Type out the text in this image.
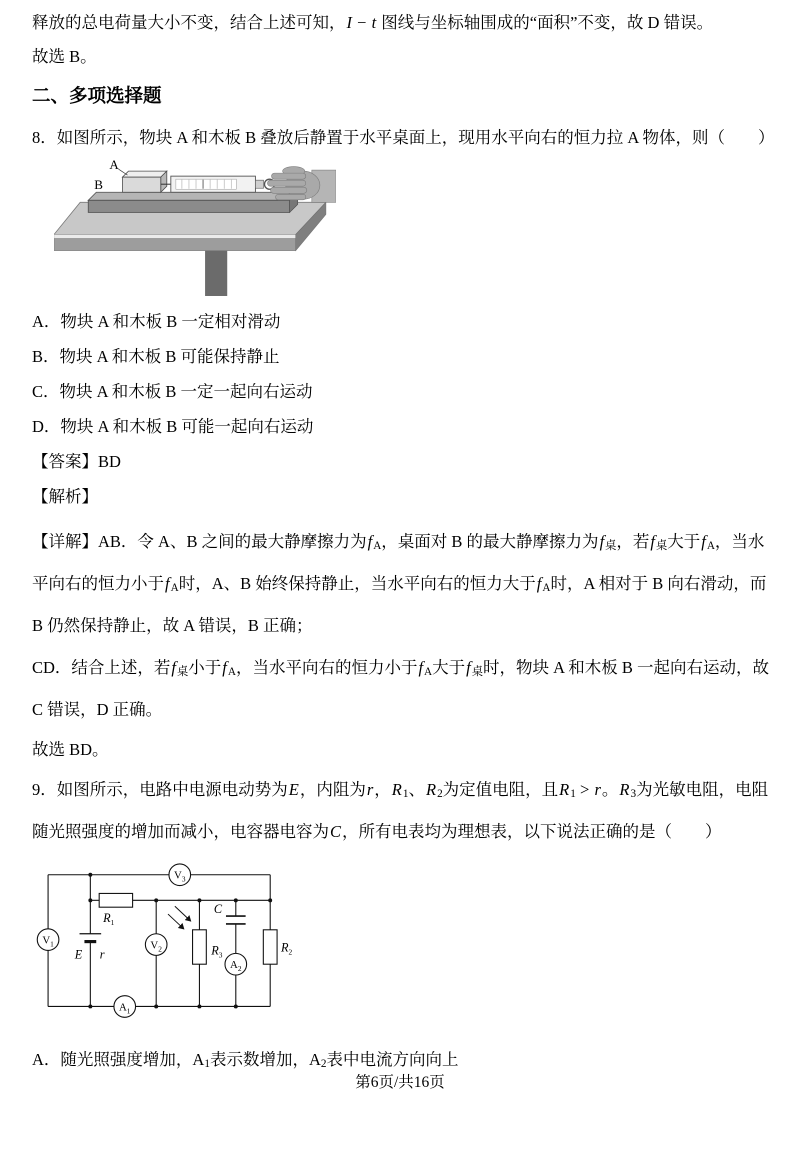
释放的总电荷量大小不变，结合上述可知，I − t 图线与坐标轴围成的“面积”不变，故 D 错误。

故选 B。

二、多项选择题

8．如图所示，物块 A 和木板 B 叠放后静置于水平桌面上，现用水平向右的恒力拉 A 物体，则（　　）

A
B

A．物块 A 和木板 B 一定相对滑动

B．物块 A 和木板 B 可能保持静止

C．物块 A 和木板 B 一定一起向右运动

D．物块 A 和木板 B 可能一起向右运动

【答案】BD

【解析】

【详解】AB．令 A、B 之间的最大静摩擦力为$f_A$，桌面对 B 的最大静摩擦力为$f_桌$，若$f_桌$大于$f_A$，当水平向右的恒力小于$f_A$时，A、B 始终保持静止，当水平向右的恒力大于$f_A$时，A 相对于 B 向右滑动，而 B 仍然保持静止，故 A 错误，B 正确；

CD．结合上述，若$f_桌$小于$f_A$，当水平向右的恒力小于$f_A$大于$f_桌$时，物块 A 和木板 B 一起向右运动，故 C 错误，D 正确。

故选 BD。

9．如图所示，电路中电源电动势为E，内阻为r，$R_1$、$R_2$为定值电阻，且$R_1 > r$。$R_3$为光敏电阻，电阻随光照强度的增加而减小，电容器电容为C，所有电表均为理想表，以下说法正确的是（　　）

$V_3$
$V_1$	$V_2$
$A_1$
$A_2$
$R_1$
$R_2$
$R_3$
C
E r

A．随光照强度增加，$A_1$表示数增加，$A_2$表中电流方向向上

第6页/共16页
